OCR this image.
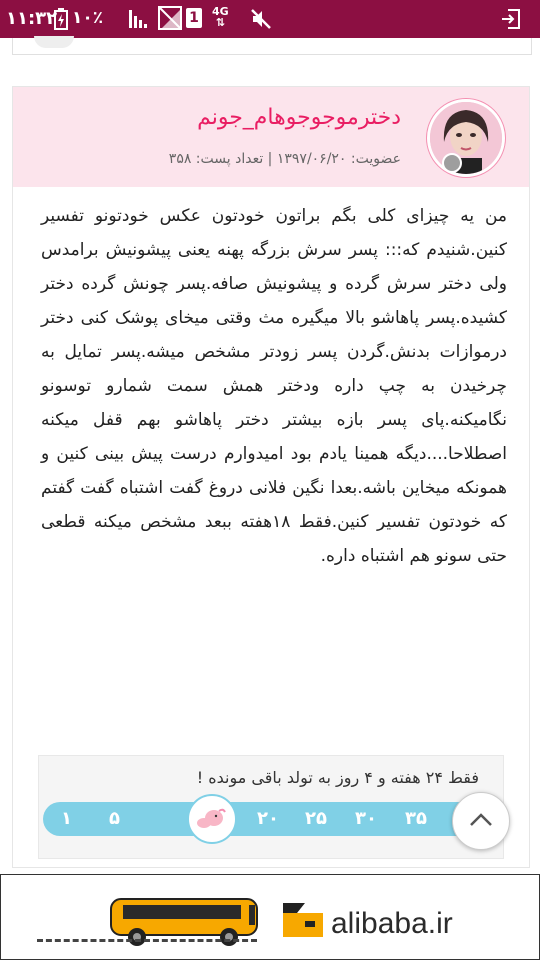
۱۱:۳۲ ۱۰٪	1 4G
⇅
دخترموجوجوهام_جونم
عضویت: ۱۳۹۷/۰۶/۲۰ | تعداد پست: ۳۵۸
من یه چیزای کلی بگم براتون خودتون عکس خودتونو تفسیر کنین.شنیدم که::: پسر سرش بزرگه پهنه یعنی پیشونیش برامدس ولی دختر سرش گرده و پیشونیش صافه.پسر چونش گرده دختر کشیده.پسر پاهاشو بالا میگیره مث وقتی میخای پوشک کنی دختر درموازات بدنش.گردن پسر زودتر مشخص میشه.پسر تمایل به چرخیدن به چپ داره ودختر همش سمت شمارو توسونو نگامیکنه.پای پسر بازه بیشتر دختر پاهاشو بهم قفل میکنه اصطلاحا....دیگه همینا یادم بود امیدوارم درست پیش بینی کنین و همونکه میخاین باشه.بعدا نگین فلانی دروغ گفت اشتباه گفت گفتم که خودتون تفسیر کنین.فقط ۱۸هفته ببعد مشخص میکنه قطعی حتی سونو هم اشتباه داره.
فقط ۲۴ هفته و ۴ روز به تولد باقی مونده !
۱ ۵	۲۰ ۲۵ ۳۰ ۳۵
alibaba.ir
